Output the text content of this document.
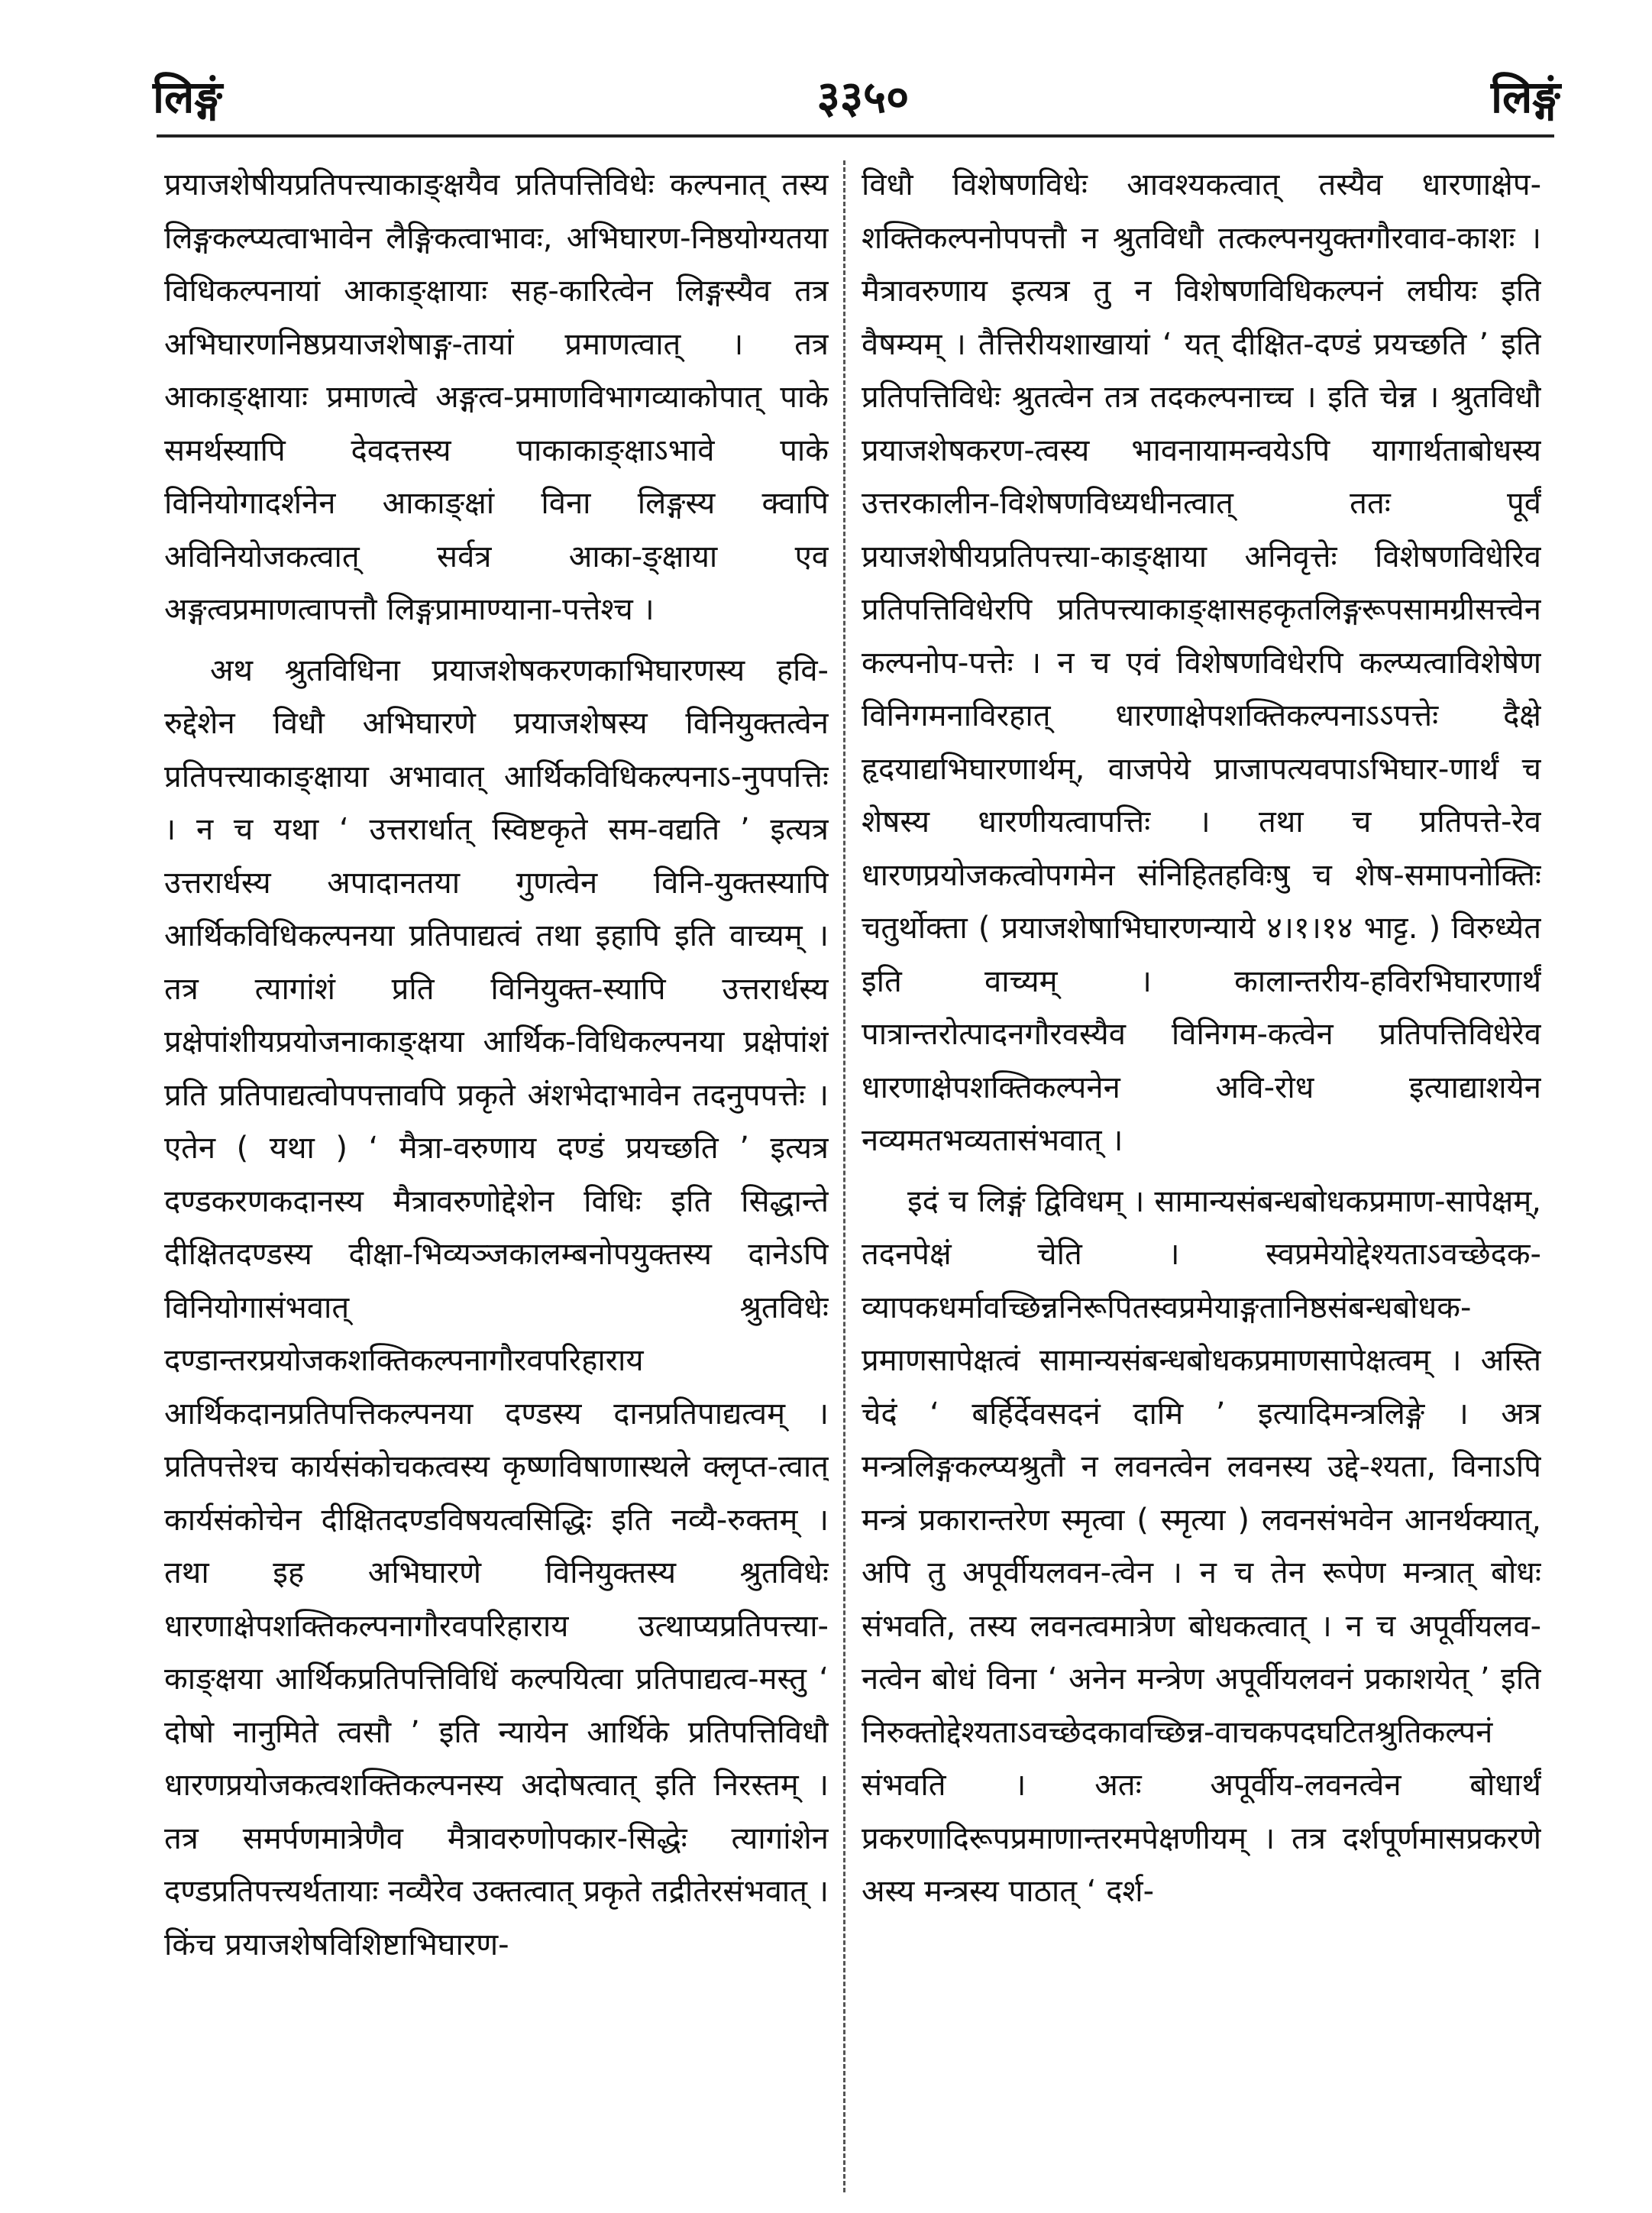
लिङ्गं	३३५०	लिङ्गं

प्रयाजशेषीयप्रतिपत्त्याकाङ्क्षयैव प्रतिपत्तिविधेः कल्पनात् तस्य लिङ्गकल्प्यत्वाभावेन लैङ्गिकत्वाभावः, अभिघारण-निष्ठयोग्यतया विधिकल्पनायां आकाङ्क्षायाः सह-कारित्वेन लिङ्गस्यैव तत्र अभिघारणनिष्ठप्रयाजशेषाङ्ग-तायां प्रमाणत्वात् । तत्र आकाङ्क्षायाः प्रमाणत्वे अङ्गत्व-प्रमाणविभागव्याकोपात् पाके समर्थस्यापि देवदत्तस्य पाकाकाङ्क्षाऽभावे पाके विनियोगादर्शनेन आकाङ्क्षां विना लिङ्गस्य क्वापि अविनियोजकत्वात् सर्वत्र आका-ङ्क्षाया एव अङ्गत्वप्रमाणत्वापत्तौ लिङ्गप्रामाण्याना-पत्तेश्च ।

अथ श्रुतविधिना प्रयाजशेषकरणकाभिघारणस्य हवि-रुद्देशेन विधौ अभिघारणे प्रयाजशेषस्य विनियुक्तत्वेन प्रतिपत्त्याकाङ्क्षाया अभावात् आर्थिकविधिकल्पनाऽ-नुपपत्तिः । न च यथा ‘ उत्तरार्धात् स्विष्टकृते सम-वद्यति ’ इत्यत्र उत्तरार्धस्य अपादानतया गुणत्वेन विनि-युक्तस्यापि आर्थिकविधिकल्पनया प्रतिपाद्यत्वं तथा इहापि इति वाच्यम् । तत्र त्यागांशं प्रति विनियुक्त-स्यापि उत्तरार्धस्य प्रक्षेपांशीयप्रयोजनाकाङ्क्षया आर्थिक-विधिकल्पनया प्रक्षेपांशं प्रति प्रतिपाद्यत्वोपपत्तावपि प्रकृते अंशभेदाभावेन तदनुपपत्तेः । एतेन ( यथा ) ‘ मैत्रा-वरुणाय दण्डं प्रयच्छति ’ इत्यत्र दण्डकरणकदानस्य मैत्रावरुणोद्देशेन विधिः इति सिद्धान्ते दीक्षितदण्डस्य दीक्षा-भिव्यञ्जकालम्बनोपयुक्तस्य दानेऽपि विनियोगासंभवात् श्रुतविधेः दण्डान्तरप्रयोजकशक्तिकल्पनागौरवपरिहाराय आर्थिकदानप्रतिपत्तिकल्पनया दण्डस्य दानप्रतिपाद्यत्वम् । प्रतिपत्तेश्च कार्यसंकोचकत्वस्य कृष्णविषाणास्थले क्लृप्त-त्वात् कार्यसंकोचेन दीक्षितदण्डविषयत्वसिद्धिः इति नव्यै-रुक्तम् । तथा इह अभिघारणे विनियुक्तस्य श्रुतविधेः धारणाक्षेपशक्तिकल्पनागौरवपरिहाराय उत्थाप्यप्रतिपत्त्या-काङ्क्षया आर्थिकप्रतिपत्तिविधिं कल्पयित्वा प्रतिपाद्यत्व-मस्तु ‘ दोषो नानुमिते त्वसौ ’ इति न्यायेन आर्थिके प्रतिपत्तिविधौ धारणप्रयोजकत्वशक्तिकल्पनस्य अदोषत्वात् इति निरस्तम् । तत्र समर्पणमात्रेणैव मैत्रावरुणोपकार-सिद्धेः त्यागांशेन दण्डप्रतिपत्त्यर्थतायाः नव्यैरेव उक्तत्वात् प्रकृते तद्रीतेरसंभवात् । किंच प्रयाजशेषविशिष्टाभिघारण-

विधौ विशेषणविधेः आवश्यकत्वात् तस्यैव धारणाक्षेप-शक्तिकल्पनोपपत्तौ न श्रुतविधौ तत्कल्पनयुक्तगौरवाव-काशः । मैत्रावरुणाय इत्यत्र तु न विशेषणविधिकल्पनं लघीयः इति वैषम्यम् । तैत्तिरीयशाखायां ‘ यत् दीक्षित-दण्डं प्रयच्छति ’ इति प्रतिपत्तिविधेः श्रुतत्वेन तत्र तदकल्पनाच्च । इति चेन्न । श्रुतविधौ प्रयाजशेषकरण-त्वस्य भावनायामन्वयेऽपि यागार्थताबोधस्य उत्तरकालीन-विशेषणविध्यधीनत्वात् ततः पूर्वं प्रयाजशेषीयप्रतिपत्त्या-काङ्क्षाया अनिवृत्तेः विशेषणविधेरिव प्रतिपत्तिविधेरपि प्रतिपत्त्याकाङ्क्षासहकृतलिङ्गरूपसामग्रीसत्त्वेन कल्पनोप-पत्तेः । न च एवं विशेषणविधेरपि कल्प्यत्वाविशेषेण विनिगमनाविरहात् धारणाक्षेपशक्तिकल्पनाऽऽपत्तेः दैक्षे हृदयाद्यभिघारणार्थम्, वाजपेये प्राजापत्यवपाऽभिघार-णार्थं च शेषस्य धारणीयत्वापत्तिः । तथा च प्रतिपत्ते-रेव धारणप्रयोजकत्वोपगमेन संनिहितहविःषु च शेष-समापनोक्तिः चतुर्थोक्ता ( प्रयाजशेषाभिघारणन्याये ४।१।१४ भाट्ट. ) विरुध्येत इति वाच्यम् । कालान्तरीय-हविरभिघारणार्थं पात्रान्तरोत्पादनगौरवस्यैव विनिगम-कत्वेन प्रतिपत्तिविधेरेव धारणाक्षेपशक्तिकल्पनेन अवि-रोध इत्याद्याशयेन नव्यमतभव्यतासंभवात् ।

इदं च लिङ्गं द्विविधम् । सामान्यसंबन्धबोधकप्रमाण-सापेक्षम्, तदनपेक्षं चेति । स्वप्रमेयोद्देश्यताऽवच्छेदक-व्यापकधर्मावच्छिन्ननिरूपितस्वप्रमेयाङ्गतानिष्ठसंबन्धबोधक-प्रमाणसापेक्षत्वं सामान्यसंबन्धबोधकप्रमाणसापेक्षत्वम् । अस्ति चेदं ‘ बर्हिर्देवसदनं दामि ’ इत्यादिमन्त्रलिङ्गे । अत्र मन्त्रलिङ्गकल्प्यश्रुतौ न लवनत्वेन लवनस्य उद्दे-श्यता, विनाऽपि मन्त्रं प्रकारान्तरेण स्मृत्वा ( स्मृत्या ) लवनसंभवेन आनर्थक्यात्, अपि तु अपूर्वीयलवन-त्वेन । न च तेन रूपेण मन्त्रात् बोधः संभवति, तस्य लवनत्वमात्रेण बोधकत्वात् । न च अपूर्वीयलव-नत्वेन बोधं विना ‘ अनेन मन्त्रेण अपूर्वीयलवनं प्रकाशयेत् ’ इति निरुक्तोद्देश्यताऽवच्छेदकावच्छिन्न-वाचकपदघटितश्रुतिकल्पनं संभवति । अतः अपूर्वीय-लवनत्वेन बोधार्थं प्रकरणादिरूपप्रमाणान्तरमपेक्षणीयम् । तत्र दर्शपूर्णमासप्रकरणे अस्य मन्त्रस्य पाठात् ‘ दर्श-
